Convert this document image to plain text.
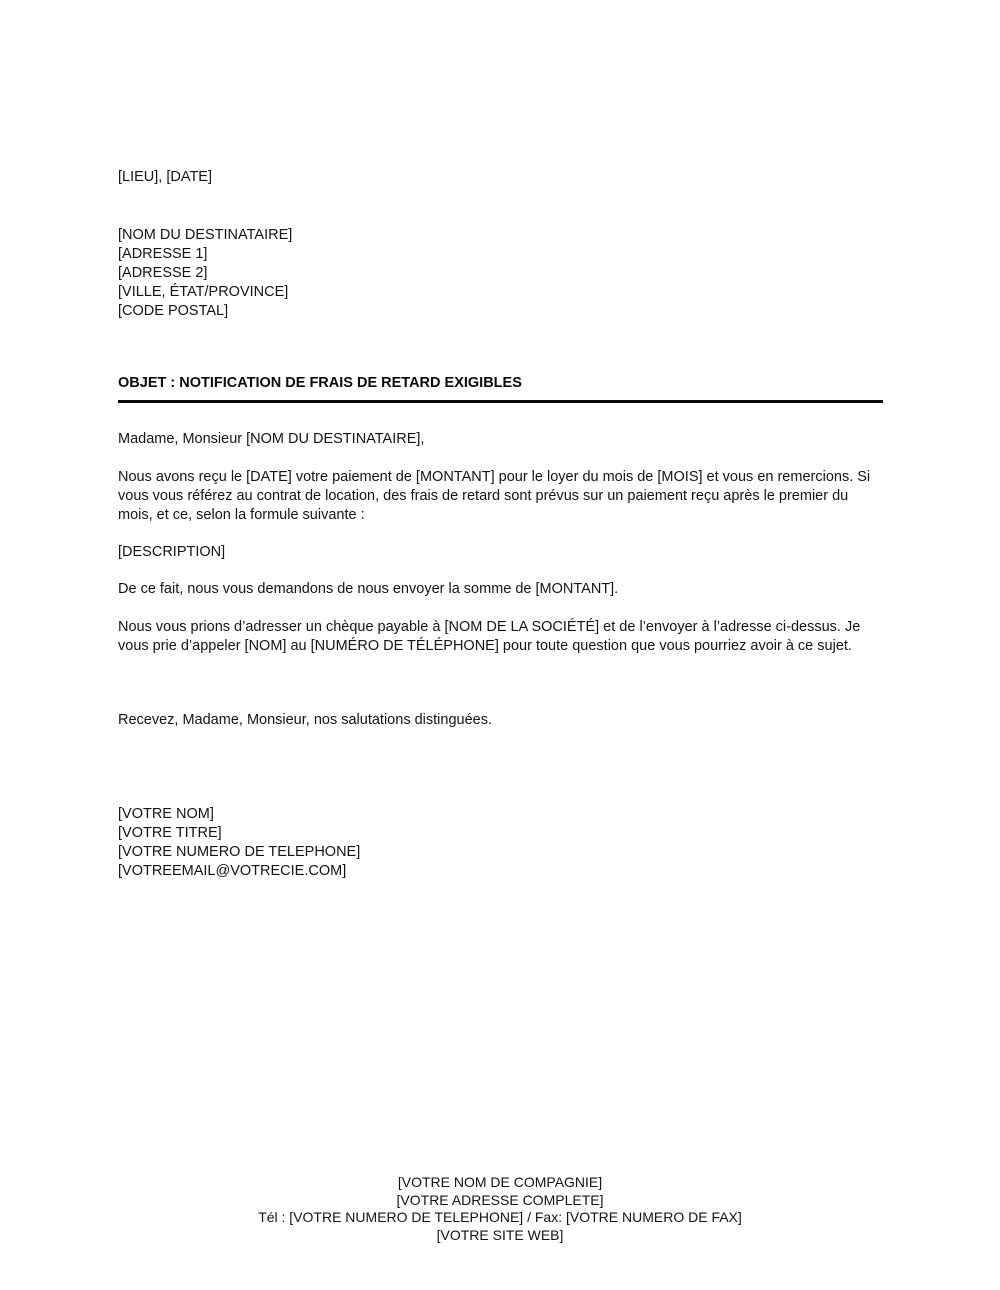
[LIEU], [DATE]

[NOM DU DESTINATAIRE]

[ADRESSE 1]

[ADRESSE 2]

[VILLE, ÉTAT/PROVINCE]

[CODE POSTAL]

OBJET : NOTIFICATION DE FRAIS DE RETARD EXIGIBLES

Madame, Monsieur [NOM DU DESTINATAIRE],

Nous avons reçu le [DATE] votre paiement de [MONTANT] pour le loyer du mois de [MOIS] et vous en remercions. Si vous vous référez au contrat de location, des frais de retard sont prévus sur un paiement reçu après le premier du mois, et ce, selon la formule suivante :

[DESCRIPTION]

De ce fait, nous vous demandons de nous envoyer la somme de [MONTANT].

Nous vous prions d’adresser un chèque payable à [NOM DE LA SOCIÉTÉ] et de l’envoyer à l’adresse ci-dessus. Je vous prie d’appeler [NOM] au [NUMÉRO DE TÉLÉPHONE] pour toute question que vous pourriez avoir à ce sujet.

Recevez, Madame, Monsieur, nos salutations distinguées.

[VOTRE NOM]

[VOTRE TITRE]

[VOTRE NUMERO DE TELEPHONE]

[VOTREEMAIL@VOTRECIE.COM]

[VOTRE NOM DE COMPAGNIE]

[VOTRE ADRESSE COMPLETE]

Tél : [VOTRE NUMERO DE TELEPHONE] / Fax: [VOTRE NUMERO DE FAX]

[VOTRE SITE WEB]
